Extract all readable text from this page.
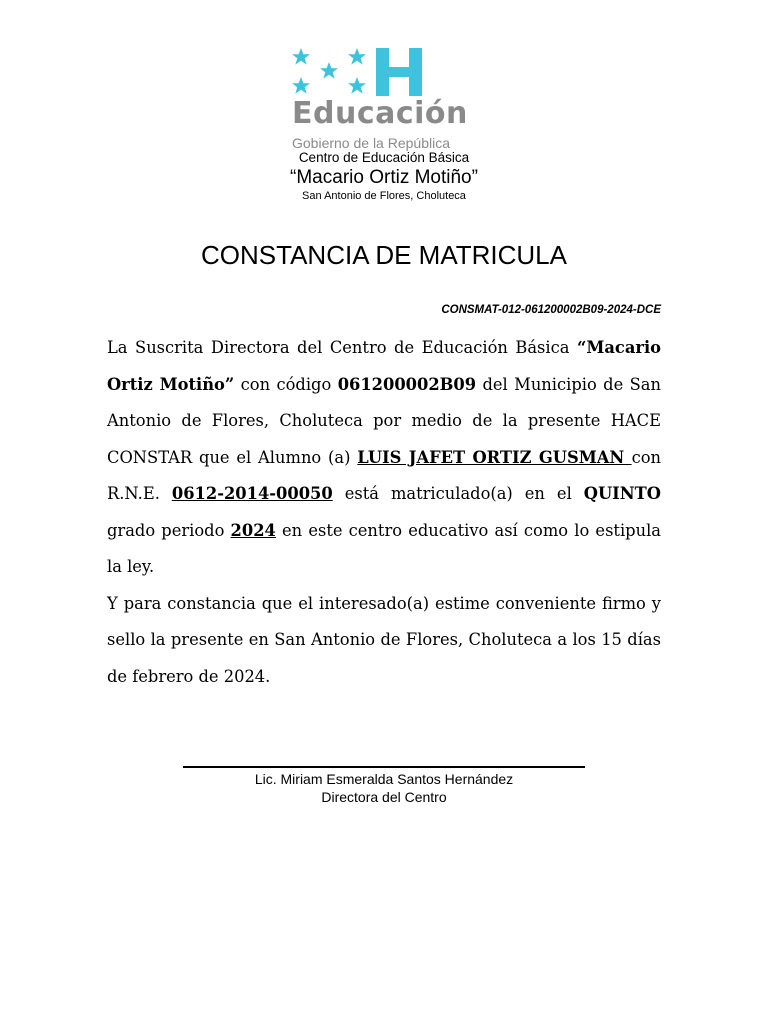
Educación
Gobierno de la República
Centro de Educación Básica
“Macario Ortiz Motiño”
San Antonio de Flores, Choluteca
CONSTANCIA DE MATRICULA
CONSMAT-012-061200002B09-2024-DCE

La Suscrita Directora del Centro de Educación Básica “Macario Ortiz Motiño” con código 061200002B09 del Municipio de San Antonio de Flores, Choluteca por medio de la presente HACE CONSTAR que el Alumno (a) LUIS JAFET ORTIZ GUSMAN con R.N.E. 0612-2014-00050 está matriculado(a) en el QUINTO grado periodo 2024 en este centro educativo así como lo estipula la ley.

Y para constancia que el interesado(a) estime conveniente firmo y sello la presente en San Antonio de Flores, Choluteca a los 15 días de febrero de 2024.

Lic. Miriam Esmeralda Santos Hernández
Directora del Centro
